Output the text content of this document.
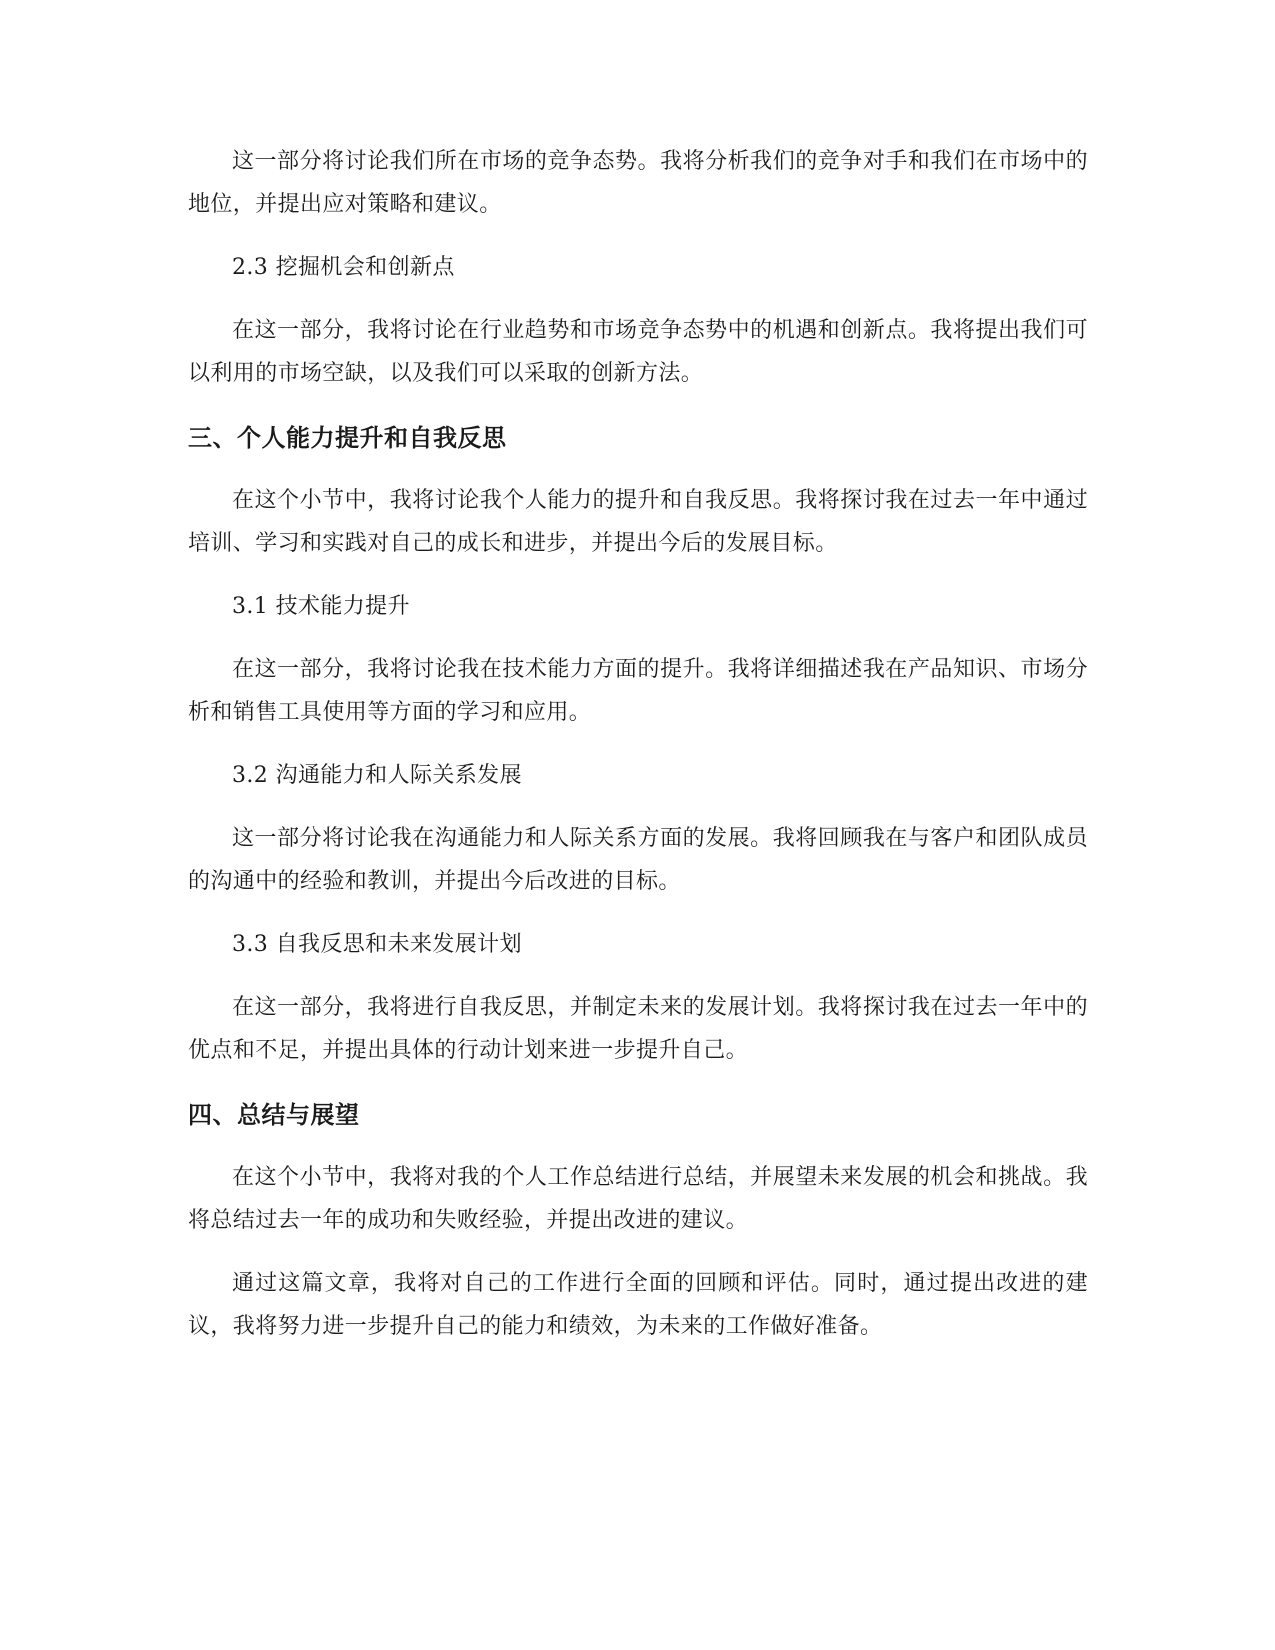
这一部分将讨论我们所在市场的竞争态势。我将分析我们的竞争对手和我们在市场中的地位，并提出应对策略和建议。

2.3 挖掘机会和创新点

在这一部分，我将讨论在行业趋势和市场竞争态势中的机遇和创新点。我将提出我们可以利用的市场空缺，以及我们可以采取的创新方法。

三、个人能力提升和自我反思

在这个小节中，我将讨论我个人能力的提升和自我反思。我将探讨我在过去一年中通过培训、学习和实践对自己的成长和进步，并提出今后的发展目标。

3.1 技术能力提升

在这一部分，我将讨论我在技术能力方面的提升。我将详细描述我在产品知识、市场分析和销售工具使用等方面的学习和应用。

3.2 沟通能力和人际关系发展

这一部分将讨论我在沟通能力和人际关系方面的发展。我将回顾我在与客户和团队成员的沟通中的经验和教训，并提出今后改进的目标。

3.3 自我反思和未来发展计划

在这一部分，我将进行自我反思，并制定未来的发展计划。我将探讨我在过去一年中的优点和不足，并提出具体的行动计划来进一步提升自己。

四、总结与展望

在这个小节中，我将对我的个人工作总结进行总结，并展望未来发展的机会和挑战。我将总结过去一年的成功和失败经验，并提出改进的建议。

通过这篇文章，我将对自己的工作进行全面的回顾和评估。同时，通过提出改进的建议，我将努力进一步提升自己的能力和绩效，为未来的工作做好准备。
